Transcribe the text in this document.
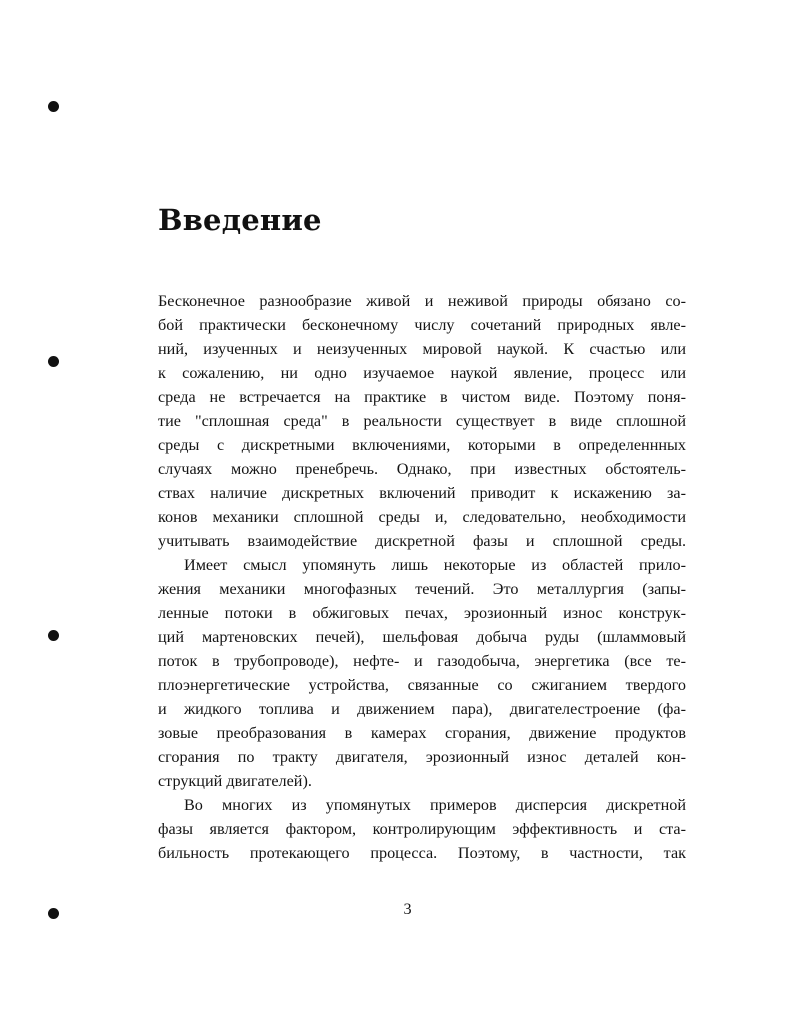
Введение
Бесконечное разнообразие живой и неживой природы обязано со-
бой практически бесконечному числу сочетаний природных явле-
ний, изученных и неизученных мировой наукой. К счастью или
к сожалению, ни одно изучаемое наукой явление, процесс или
среда не встречается на практике в чистом виде. Поэтому поня-
тие "сплошная среда" в реальности существует в виде сплошной
среды с дискретными включениями, которыми в определеннных
случаях можно пренебречь. Однако, при известных обстоятель-
ствах наличие дискретных включений приводит к искажению за-
конов механики сплошной среды и, следовательно, необходимости
учитывать взаимодействие дискретной фазы и сплошной среды.
Имеет смысл упомянуть лишь некоторые из областей прило-
жения механики многофазных течений. Это металлургия (запы-
ленные потоки в обжиговых печах, эрозионный износ конструк-
ций мартеновских печей), шельфовая добыча руды (шламмовый
поток в трубопроводе), нефте- и газодобыча, энергетика (все те-
плоэнергетические устройства, связанные со сжиганием твердого
и жидкого топлива и движением пара), двигателестроение (фа-
зовые преобразования в камерах сгорания, движение продуктов
сгорания по тракту двигателя, эрозионный износ деталей кон-
струкций двигателей).
Во многих из упомянутых примеров дисперсия дискретной
фазы является фактором, контролирующим эффективность и ста-
бильность протекающего процесса. Поэтому, в частности, так
3
